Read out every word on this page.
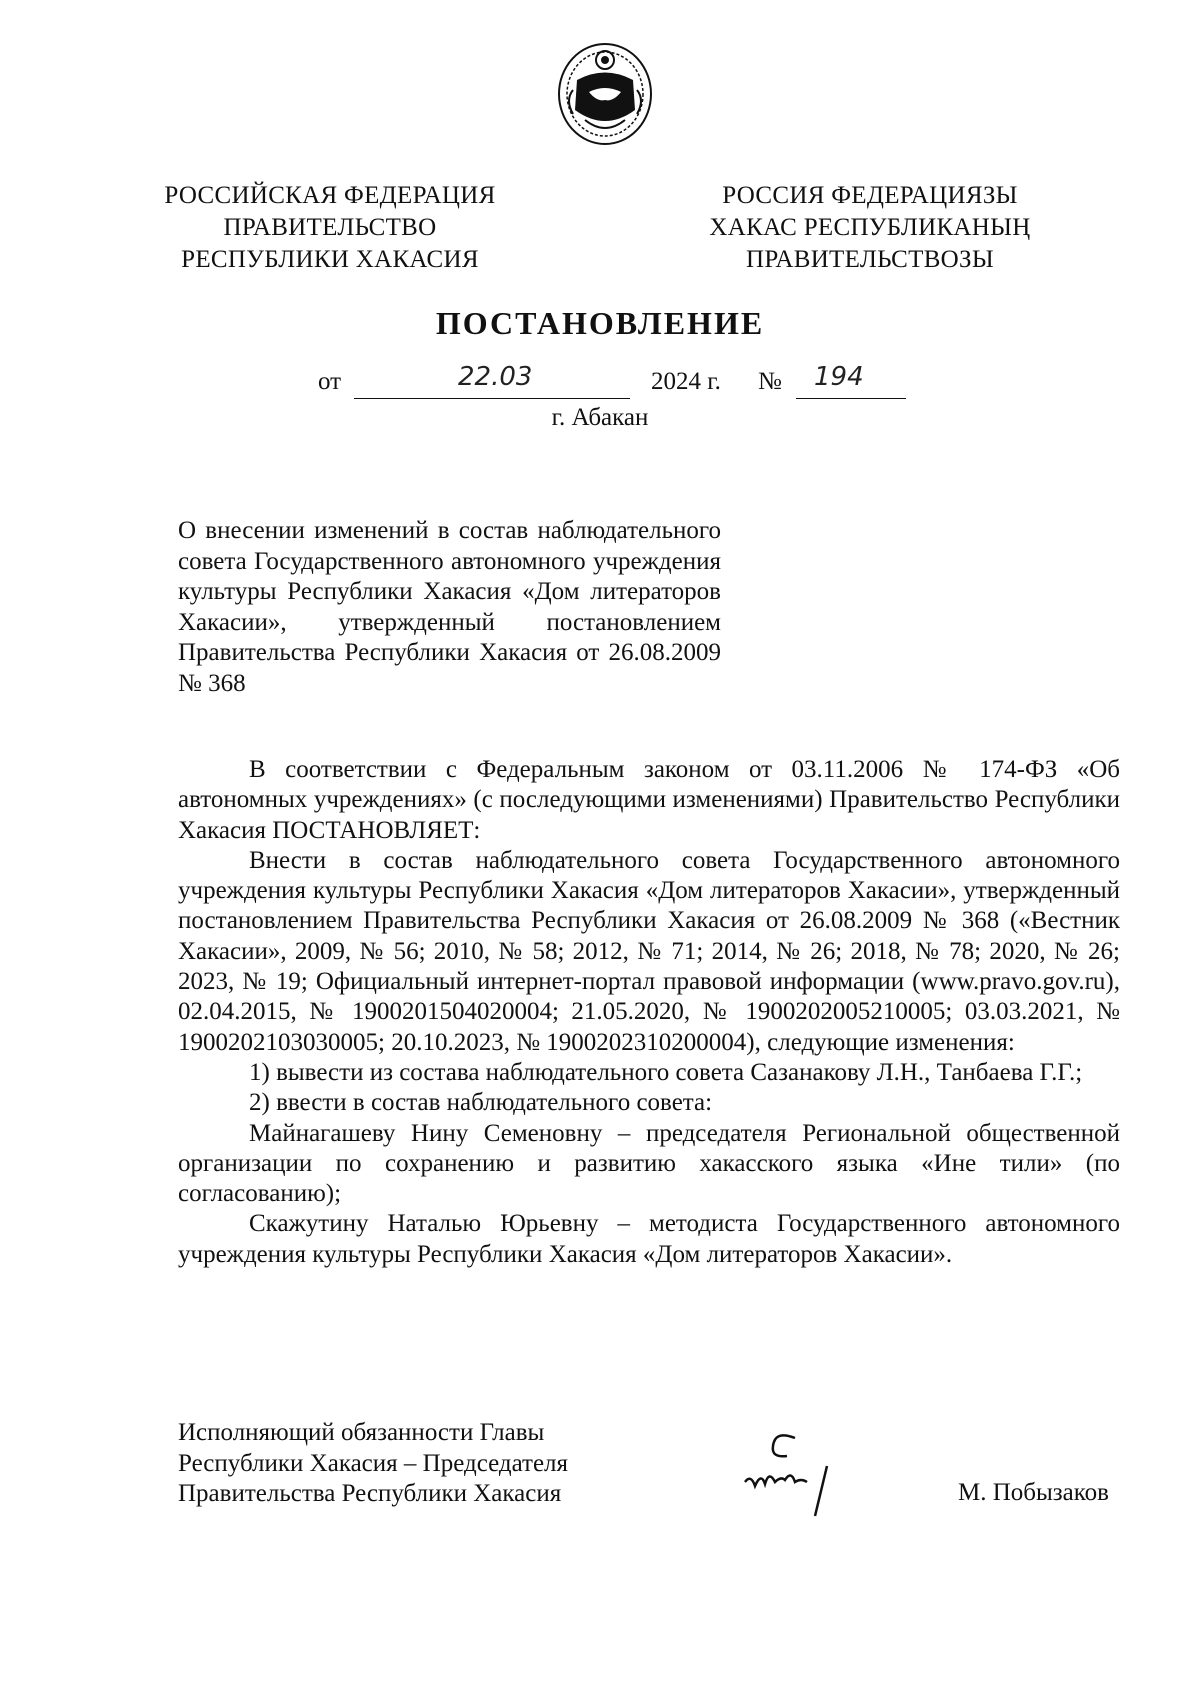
РОССИЙСКАЯ ФЕДЕРАЦИЯ
ПРАВИТЕЛЬСТВО
РЕСПУБЛИКИ ХАКАСИЯ
РОССИЯ ФЕДЕРАЦИЯЗЫ
ХАКАС РЕСПУБЛИКАНЫҢ
ПРАВИТЕЛЬСТВОЗЫ
ПОСТАНОВЛЕНИЕ
от	22.03	2024 г. № 194
г. Абакан
О внесении изменений в состав наблюдательного совета Государственного автономного учреждения культуры Республики Хакасия «Дом литераторов Хакасии», утвержденный постановлением Правительства Республики Хакасия от 26.08.2009 № 368

В соответствии с Федеральным законом от 03.11.2006 № 174-ФЗ «Об автономных учреждениях» (с последующими изменениями) Правительство Республики Хакасия ПОСТАНОВЛЯЕТ:

Внести в состав наблюдательного совета Государственного автономного учреждения культуры Республики Хакасия «Дом литераторов Хакасии», утвержденный постановлением Правительства Республики Хакасия от 26.08.2009 № 368 («Вестник Хакасии», 2009, № 56; 2010, № 58; 2012, № 71; 2014, № 26; 2018, № 78; 2020, № 26; 2023, № 19; Официальный интернет-портал правовой информации (www.pravo.gov.ru), 02.04.2015, № 1900201504020004; 21.05.2020, № 1900202005210005; 03.03.2021, № 1900202103030005; 20.10.2023, № 1900202310200004), следующие изменения:

1) вывести из состава наблюдательного совета Сазанакову Л.Н., Танбаева Г.Г.;

2) ввести в состав наблюдательного совета:

Майнагашеву Нину Семеновну – председателя Региональной общественной организации по сохранению и развитию хакасского языка «Ине тили» (по согласованию);

Скажутину Наталью Юрьевну – методиста Государственного автономного учреждения культуры Республики Хакасия «Дом литераторов Хакасии».

Исполняющий обязанности Главы
Республики Хакасия – Председателя
Правительства Республики Хакасия	М. Побызаков
